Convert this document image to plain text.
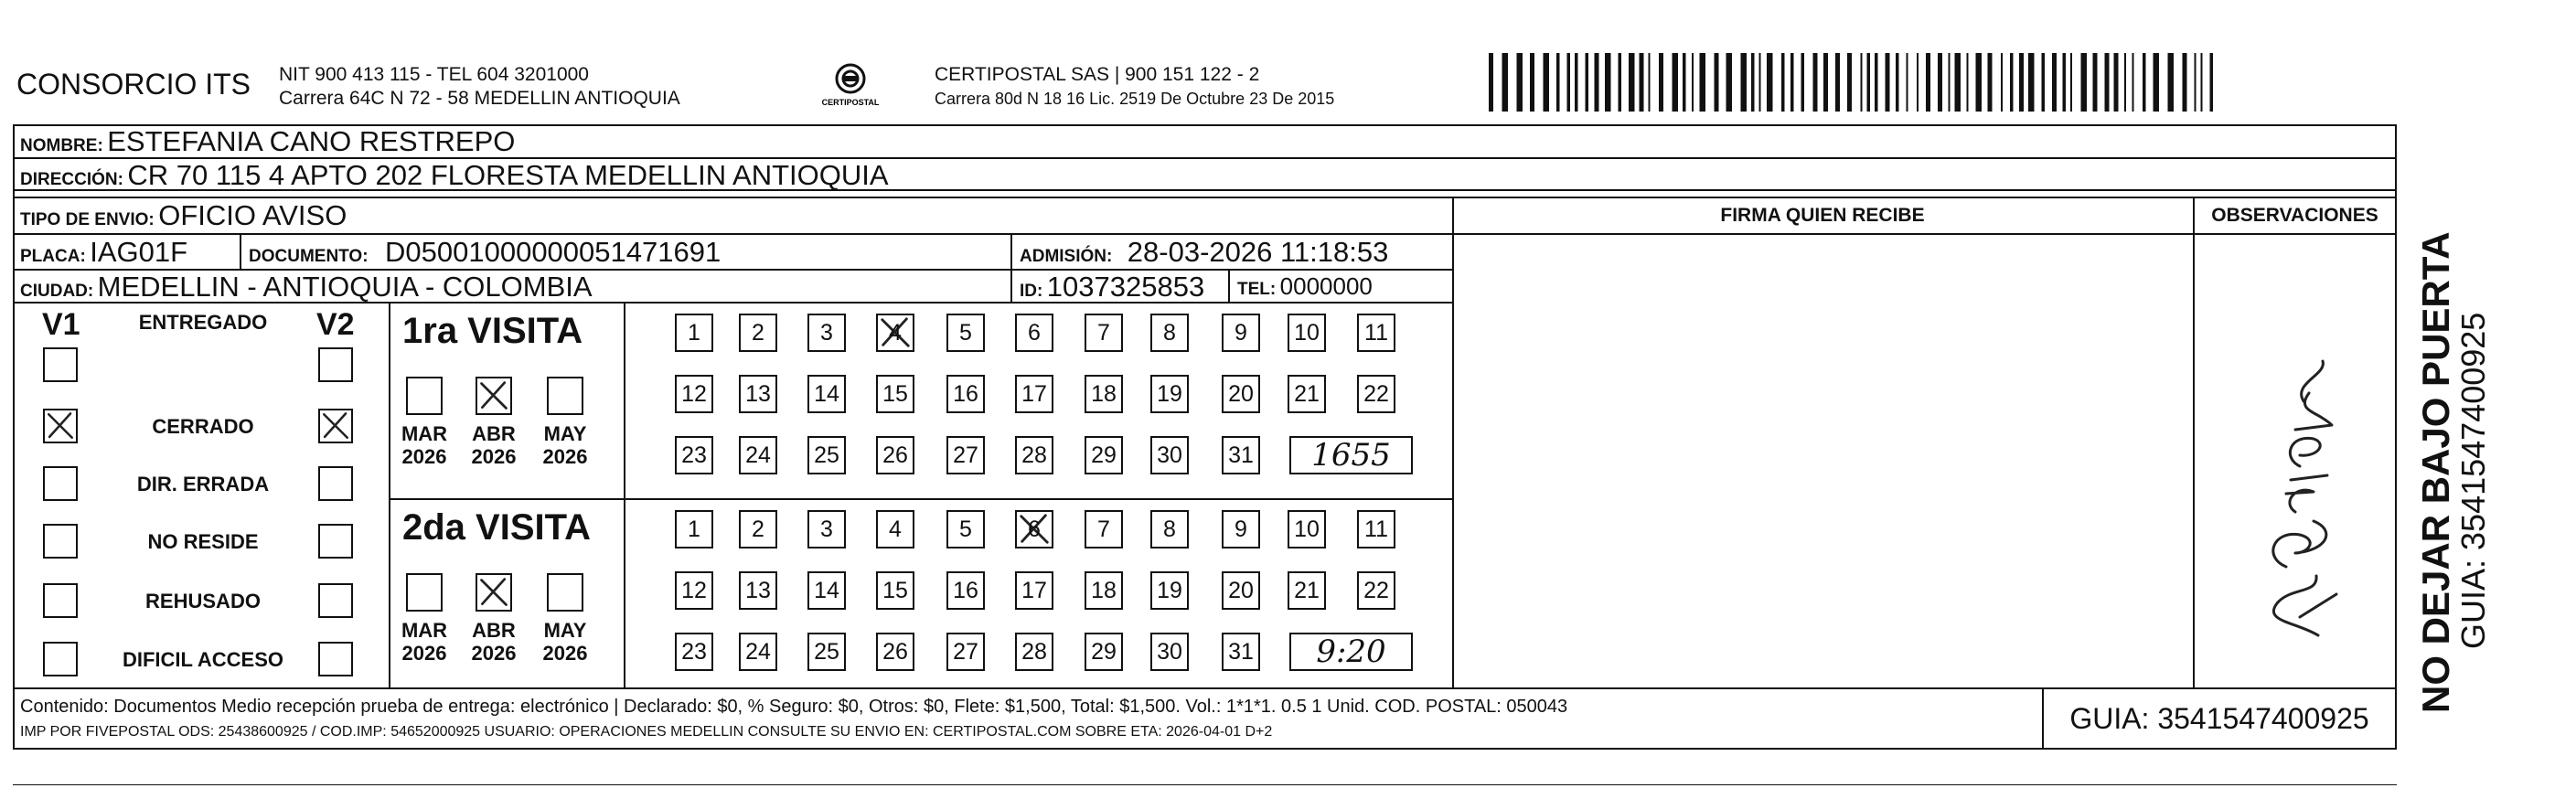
CONSORCIO ITS NIT 900 413 115 - TEL 604 3201000
Carrera 64C N 72 - 58 MEDELLIN ANTIOQUIA	CERTIPOSTAL
CERTIPOSTAL SAS | 900 151 122 - 2
Carrera 80d N 18 16 Lic. 2519 De Octubre 23 De 2015
NOMBRE: ESTEFANIA CANO RESTREPO
DIRECCIÓN: CR 70 115 4 APTO 202 FLORESTA MEDELLIN ANTIOQUIA
TIPO DE ENVIO: OFICIO AVISO	FIRMA QUIEN RECIBE	OBSERVACIONES
PLACA: IAG01F	DOCUMENTO: D05001000000051471691	ADMISIÓN: 28-03-2026 11:18:53
CIUDAD: MEDELLIN - ANTIOQUIA - COLOMBIA	ID: 1037325853 TEL: 0000000
V1	V2
ENTREGADO
CERRADO
DIR. ERRADA
NO RESIDE
REHUSADO
DIFICIL ACCESO
1ra VISITA
MAR
2026
ABR
2026
MAY
2026
1	2	3	4	5	6	7	8	9	10	11
12 13 14 15 16 17 18 19 20 21 22
23 24 25 26 27 28 29 30 31	1655
2da VISITA
MAR
2026
ABR
2026
MAY
2026
1	2	3	4	5	6	7	8	9	10	11
12 13 14 15 16 17 18 19 20 21 22
23 24 25 26 27 28 29 30 31	9:20	NO DEJAR BAJO PUERTA
GUIA: 3541547400925
Contenido: Documentos Medio recepción prueba de entrega: electrónico | Declarado: $0, % Seguro: $0, Otros: $0, Flete: $1,500, Total: $1,500. Vol.: 1*1*1. 0.5 1 Unid. COD. POSTAL: 050043
IMP POR FIVEPOSTAL ODS: 25438600925 / COD.IMP: 54652000925 USUARIO: OPERACIONES MEDELLIN CONSULTE SU ENVIO EN: CERTIPOSTAL.COM SOBRE ETA: 2026-04-01 D+2	GUIA: 3541547400925
